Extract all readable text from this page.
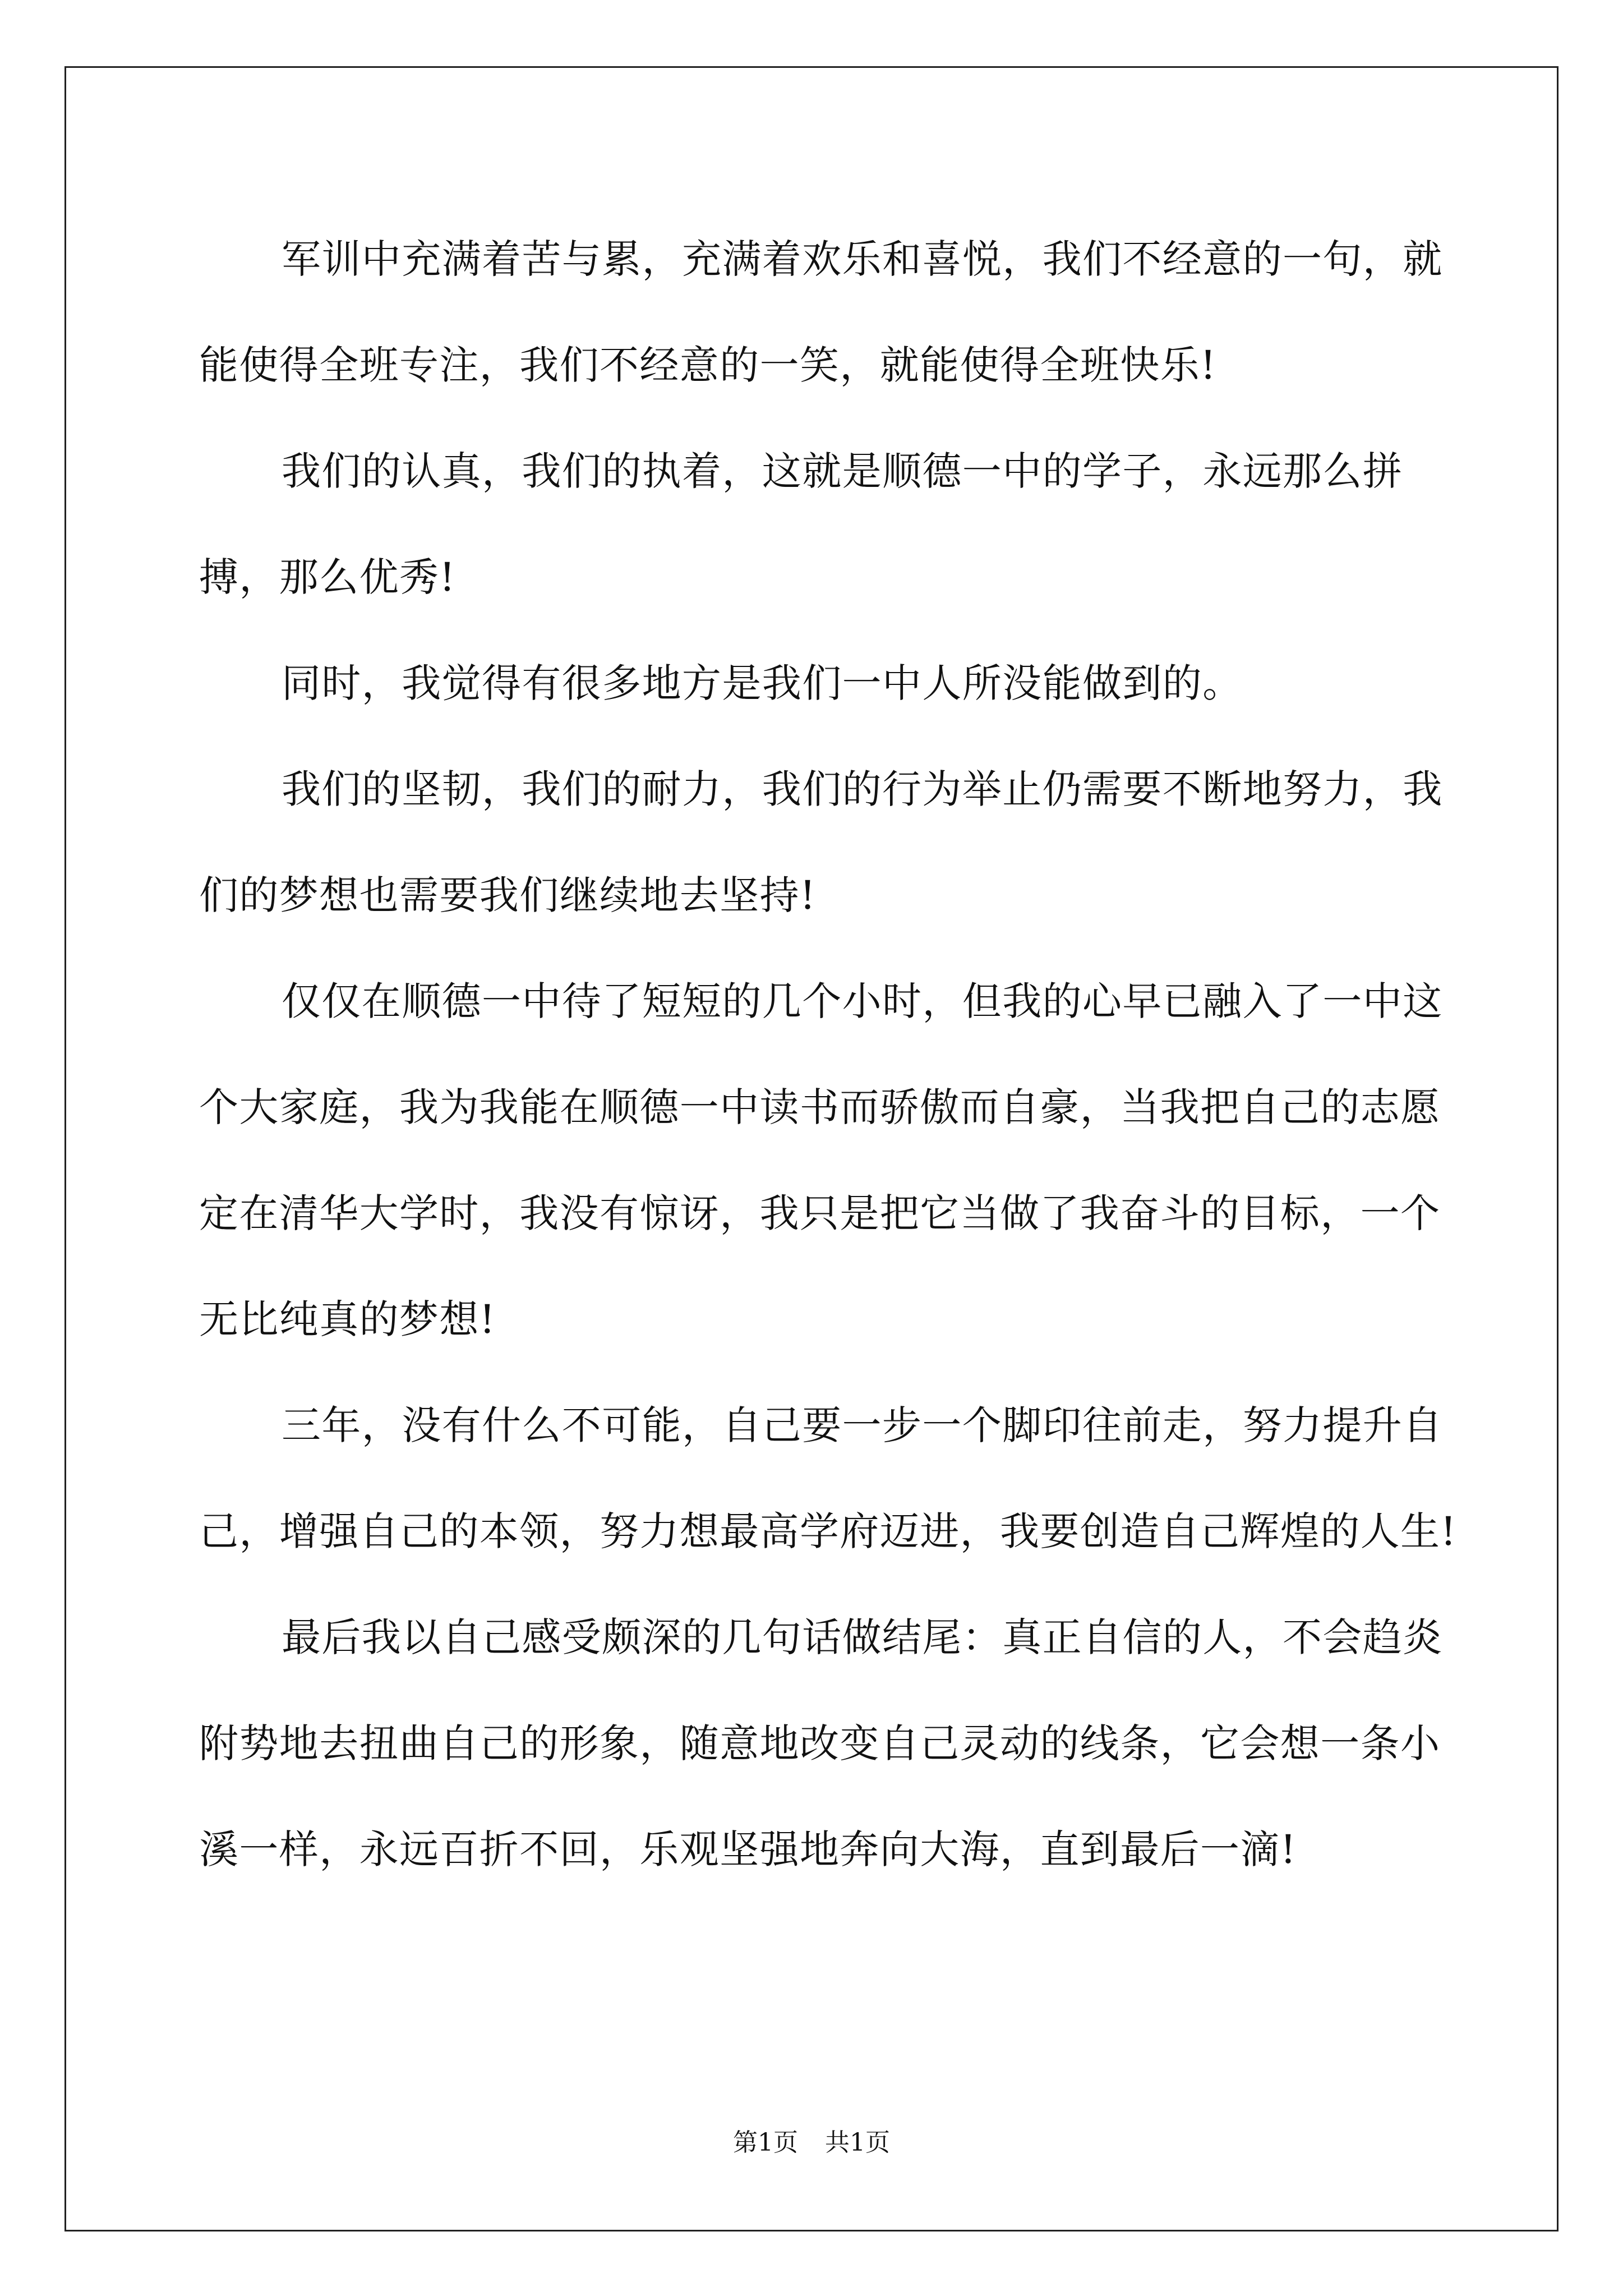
军训中充满着苦与累，充满着欢乐和喜悦，我们不经意的一句，就能使得全班专注，我们不经意的一笑，就能使得全班快乐!

我们的认真，我们的执着，这就是顺德一中的学子，永远那么拼搏，那么优秀!

同时，我觉得有很多地方是我们一中人所没能做到的。

我们的坚韧，我们的耐力，我们的行为举止仍需要不断地努力，我们的梦想也需要我们继续地去坚持!

仅仅在顺德一中待了短短的几个小时，但我的心早已融入了一中这个大家庭，我为我能在顺德一中读书而骄傲而自豪，当我把自己的志愿定在清华大学时，我没有惊讶，我只是把它当做了我奋斗的目标，一个无比纯真的梦想!

三年，没有什么不可能，自己要一步一个脚印往前走，努力提升自己，增强自己的本领，努力想最高学府迈进，我要创造自己辉煌的人生!

最后我以自己感受颇深的几句话做结尾：真正自信的人，不会趋炎附势地去扭曲自己的形象，随意地改变自己灵动的线条，它会想一条小溪一样，永远百折不回，乐观坚强地奔向大海，直到最后一滴!

第1页 共1页
